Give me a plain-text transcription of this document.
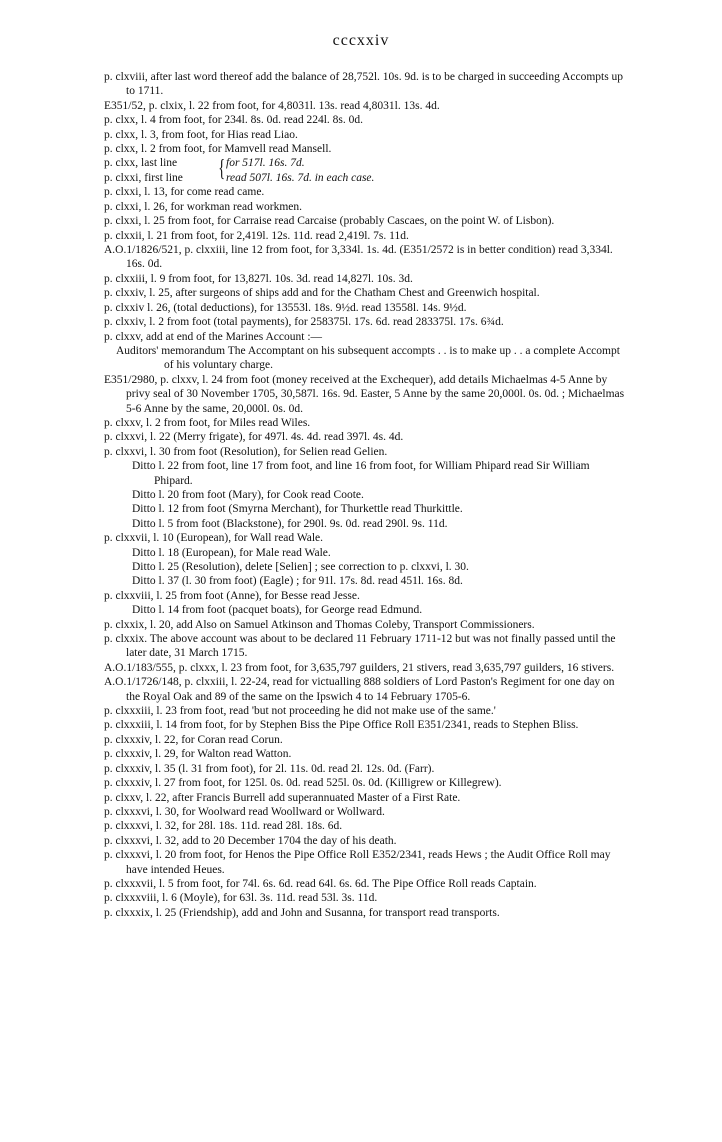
cccxxiv

p. clxviii, after last word thereof add the balance of 28,752l. 10s. 9d. is to be charged in succeeding Accompts up to 1711.

E351/52, p. clxix, l. 22 from foot, for 4,8031l. 13s. read 4,8031l. 13s. 4d.

p. clxx, l. 4 from foot, for 234l. 8s. 0d. read 224l. 8s. 0d.

p. clxx, l. 3, from foot, for Hias read Liao.

p. clxx, l. 2 from foot, for Mamvell read Mansell.

p. clxx, last line
p. clxxi, first line
for 517l. 16s. 7d.
read 507l. 16s. 7d. in each case.
{

p. clxxi, l. 13, for come read came.

p. clxxi, l. 26, for workman read workmen.

p. clxxi, l. 25 from foot, for Carraise read Carcaise (probably Cascaes, on the point W. of Lisbon).

p. clxxii, l. 21 from foot, for 2,419l. 12s. 11d. read 2,419l. 7s. 11d.

A.O.1/1826/521, p. clxxiii, line 12 from foot, for 3,334l. 1s. 4d. (E351/2572 is in better condition) read 3,334l. 16s. 0d.

p. clxxiii, l. 9 from foot, for 13,827l. 10s. 3d. read 14,827l. 10s. 3d.

p. clxxiv, l. 25, after surgeons of ships add and for the Chatham Chest and Greenwich hospital.

p. clxxiv l. 26, (total deductions), for 13553l. 18s. 9½d. read 13558l. 14s. 9½d.

p. clxxiv, l. 2 from foot (total payments), for 258375l. 17s. 6d. read 283375l. 17s. 6¾d.

p. clxxv, add at end of the Marines Account :—

Auditors' memorandum The Accomptant on his subsequent accompts . . is to make up . . a complete Accompt of his voluntary charge.

E351/2980, p. clxxv, l. 24 from foot (money received at the Exchequer), add details Michaelmas 4-5 Anne by privy seal of 30 November 1705, 30,587l. 16s. 9d. Easter, 5 Anne by the same 20,000l. 0s. 0d. ; Michaelmas 5-6 Anne by the same, 20,000l. 0s. 0d.

p. clxxv, l. 2 from foot, for Miles read Wiles.

p. clxxvi, l. 22 (Merry frigate), for 497l. 4s. 4d. read 397l. 4s. 4d.

p. clxxvi, l. 30 from foot (Resolution), for Selien read Gelien.

Ditto l. 22 from foot, line 17 from foot, and line 16 from foot, for William Phipard read Sir William Phipard.

Ditto l. 20 from foot (Mary), for Cook read Coote.

Ditto l. 12 from foot (Smyrna Merchant), for Thurkettle read Thurkittle.

Ditto l. 5 from foot (Blackstone), for 290l. 9s. 0d. read 290l. 9s. 11d.

p. clxxvii, l. 10 (European), for Wall read Wale.

Ditto l. 18 (European), for Male read Wale.

Ditto l. 25 (Resolution), delete [Selien] ; see correction to p. clxxvi, l. 30.

Ditto l. 37 (l. 30 from foot) (Eagle) ; for 91l. 17s. 8d. read 451l. 16s. 8d.

p. clxxviii, l. 25 from foot (Anne), for Besse read Jesse.

Ditto l. 14 from foot (pacquet boats), for George read Edmund.

p. clxxix, l. 20, add Also on Samuel Atkinson and Thomas Coleby, Transport Commissioners.

p. clxxix. The above account was about to be declared 11 February 1711-12 but was not finally passed until the later date, 31 March 1715.

A.O.1/183/555, p. clxxx, l. 23 from foot, for 3,635,797 guilders, 21 stivers, read 3,635,797 guilders, 16 stivers.

A.O.1/1726/148, p. clxxiii, l. 22-24, read for victualling 888 soldiers of Lord Paston's Regiment for one day on the Royal Oak and 89 of the same on the Ipswich 4 to 14 February 1705-6.

p. clxxxiii, l. 23 from foot, read 'but not proceeding he did not make use of the same.'

p. clxxxiii, l. 14 from foot, for by Stephen Biss the Pipe Office Roll E351/2341, reads to Stephen Bliss.

p. clxxxiv, l. 22, for Coran read Corun.

p. clxxxiv, l. 29, for Walton read Watton.

p. clxxxiv, l. 35 (l. 31 from foot), for 2l. 11s. 0d. read 2l. 12s. 0d. (Farr).

p. clxxxiv, l. 27 from foot, for 125l. 0s. 0d. read 525l. 0s. 0d. (Killigrew or Killegrew).

p. clxxv, l. 22, after Francis Burrell add superannuated Master of a First Rate.

p. clxxxvi, l. 30, for Woolward read Woollward or Wollward.

p. clxxxvi, l. 32, for 28l. 18s. 11d. read 28l. 18s. 6d.

p. clxxxvi, l. 32, add to 20 December 1704 the day of his death.

p. clxxxvi, l. 20 from foot, for Henos the Pipe Office Roll E352/2341, reads Hews ; the Audit Office Roll may have intended Heues.

p. clxxxvii, l. 5 from foot, for 74l. 6s. 6d. read 64l. 6s. 6d. The Pipe Office Roll reads Captain.

p. clxxxviii, l. 6 (Moyle), for 63l. 3s. 11d. read 53l. 3s. 11d.

p. clxxxix, l. 25 (Friendship), add and John and Susanna, for transport read transports.
